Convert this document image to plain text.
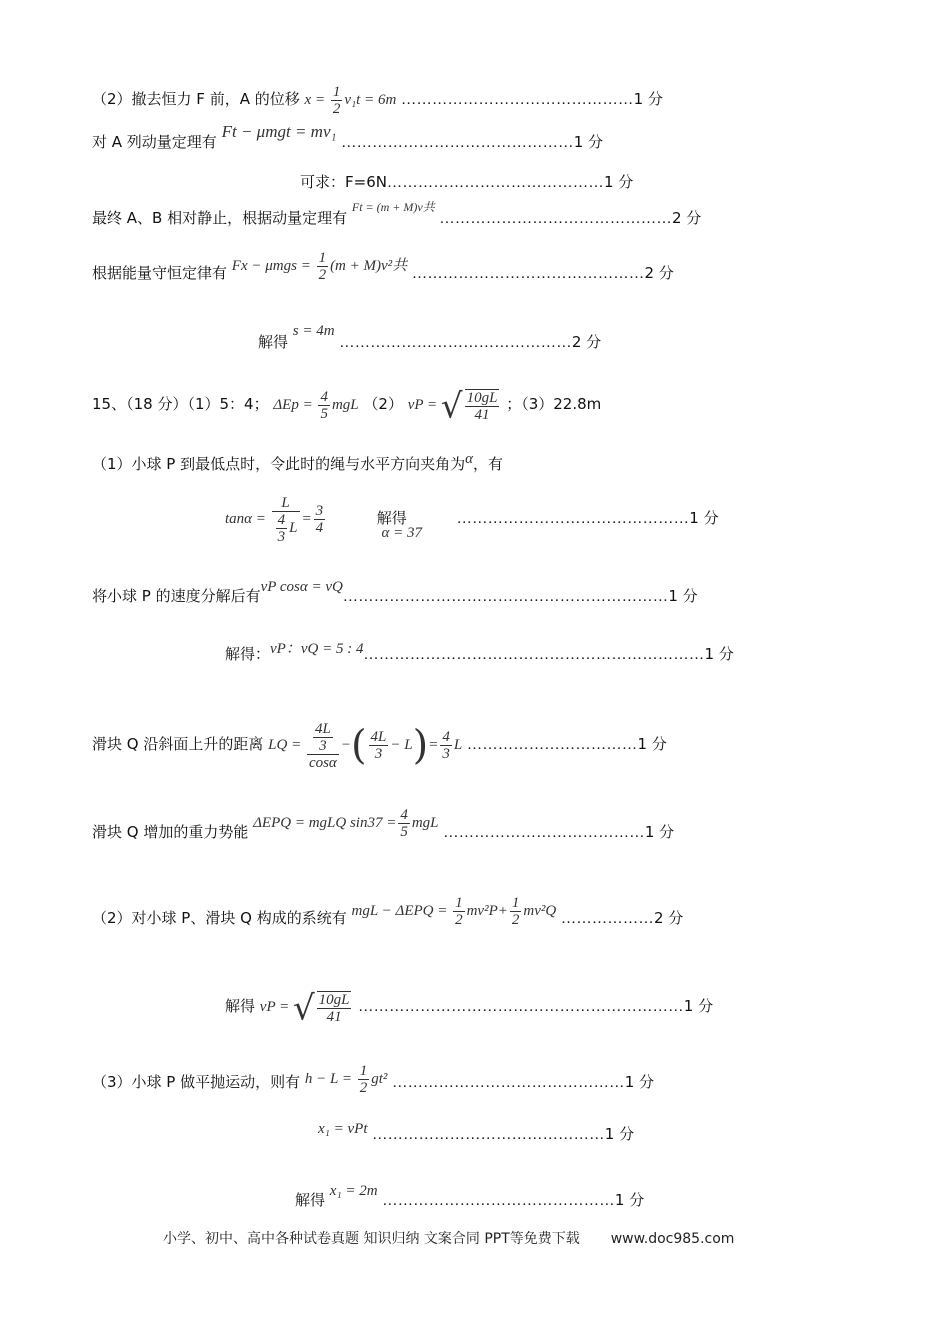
（2）撤去恒力 F 前，A 的位移 $x = \frac{1}{2} v_1t = 6m$ ………………………………………1 分
对 A 列动量定理有 Ft − μmgt = mv₁ ………………………………………1 分
可求：F=6N……………………………………1 分
最终 A、B 相对静止，根据动量定理有 $^{Ft = (m + M)v共}$ ………………………………………2 分
根据能量守恒定律有 $Fx - \mu mgs = \frac{1}{2} (m + M)v^2$共 ………………………………………2 分
解得 s = 4m ………………………………………2 分
15、（18 分）（1）5：4； $\Delta Ep = \frac{4}{5}$ mgL （2） vP = √ $\frac{10gL}{41}$ ；（3）22.8m
（1）小球 P 到最低点时，令此时的绳与水平方向夹角为α，有
$\tan\alpha = \frac{L}{\frac{4}{3} L} = \frac{3}{4}$	解得 α = 37 ………………………………………1 分
将小球 P 的速度分解后有vP cosα = vQ………………………………………………………1 分
解得：vP：vQ = 5 : 4…………………………………………………………1 分
滑块 Q 沿斜面上升的距离 LQ = $\frac{\frac{4L}{3}}{\cos\alpha}$ −( $\frac{4L}{3} - L)= \frac{4}{3}$ L ……………………………1 分
滑块 Q 增加的重力势能 ΔEPQ = mgLQ $\sin 37 = \frac{4}{5}$ mgL …………………………………1 分
（2）对小球 P、滑块 Q 构成的系统有 mgL − $\Delta EPQ = \frac{1}{2} mv^2P+ \frac{1}{2} mv^2Q$ ………………2 分
解得 vP = √ $\frac{10gL}{41}$ ………………………………………………………1 分
（3）小球 P 做平抛运动，则有 $h - L = \frac{1}{2} gt^2$ ………………………………………1 分
x₁ = vPt ………………………………………1 分
解得 x₁ = 2m ………………………………………1 分
小学、初中、高中各种试卷真题 知识归纳 文案合同 PPT等免费下载 www.doc985.com
